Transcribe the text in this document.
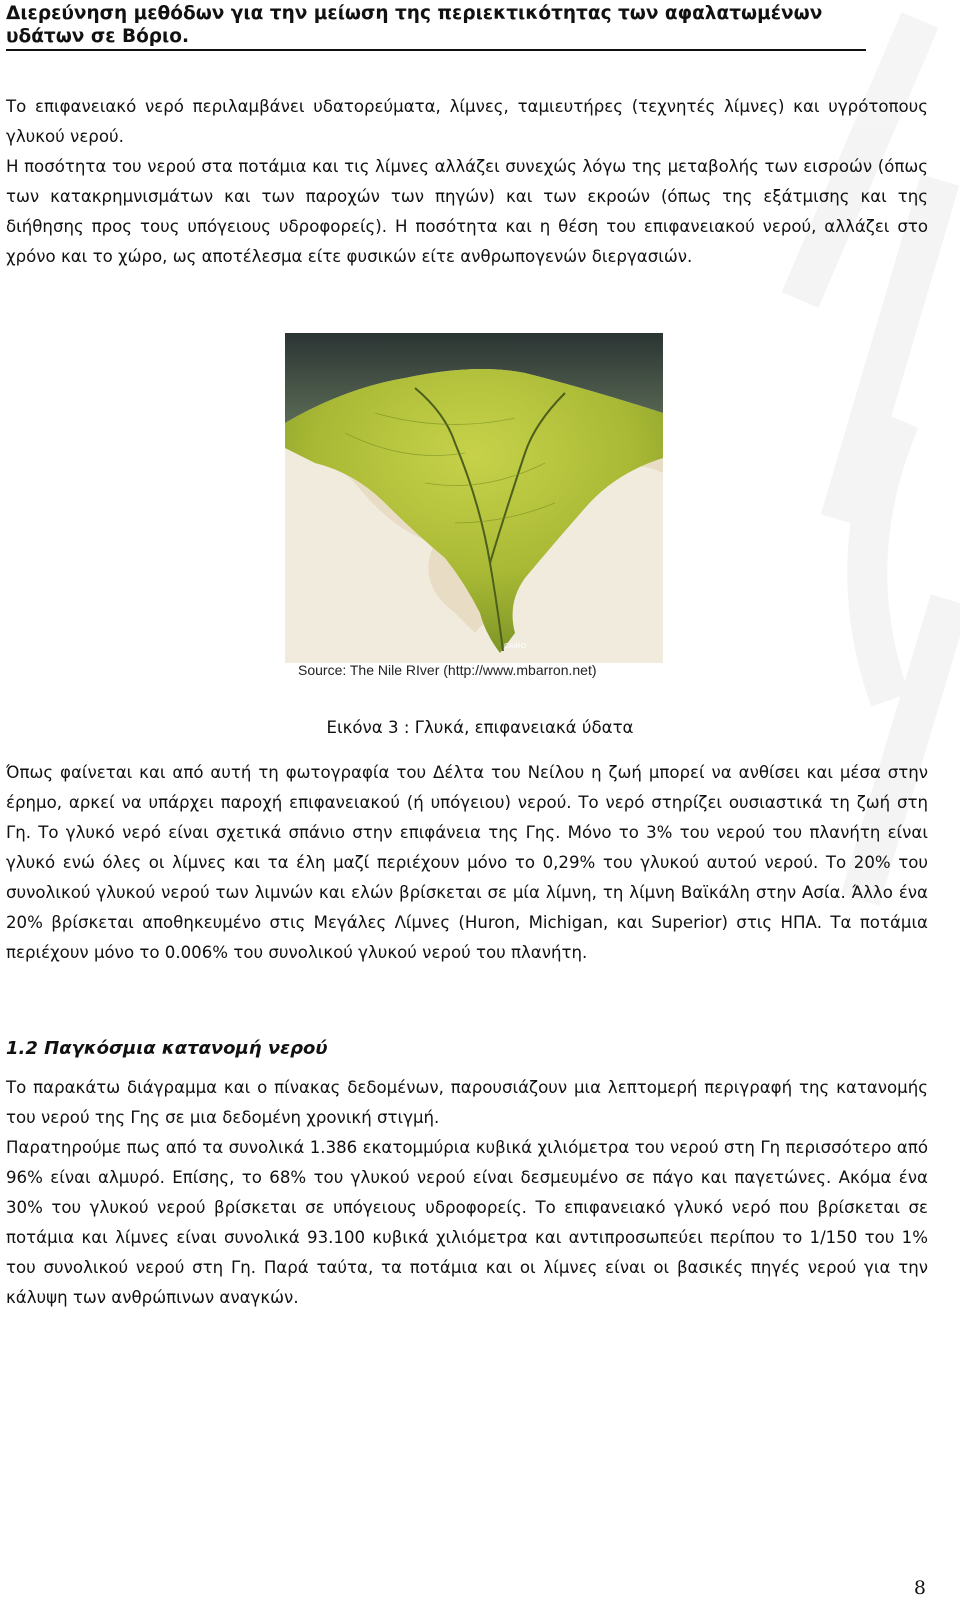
Διερεύνηση μεθόδων για την μείωση της περιεκτικότητας των αφαλατωμένων υδάτων σε Βόριο.

Το επιφανειακό νερό περιλαμβάνει υδατορεύματα, λίμνες, ταμιευτήρες (τεχνητές λίμνες) και υγρότοπους γλυκού νερού.

Η ποσότητα του νερού στα ποτάμια και τις λίμνες αλλάζει συνεχώς λόγω της μεταβολής των εισροών (όπως των κατακρημνισμάτων και των παροχών των πηγών) και των εκροών (όπως της εξάτμισης και της διήθησης προς τους υπόγειους υδροφορείς). Η ποσότητα και η θέση του επιφανειακού νερού, αλλάζει στο χρόνο και το χώρο, ως αποτέλεσμα είτε φυσικών είτε ανθρωπογενών διεργασιών.

CAIRO
Source: The Nile RIver (http://www.mbarron.net)
Εικόνα 3 : Γλυκά, επιφανειακά ύδατα

Όπως φαίνεται και από αυτή τη φωτογραφία του Δέλτα του Νείλου η ζωή μπορεί να ανθίσει και μέσα στην έρημο, αρκεί να υπάρχει παροχή επιφανειακού (ή υπόγειου) νερού. Το νερό στηρίζει ουσιαστικά τη ζωή στη Γη. Το γλυκό νερό είναι σχετικά σπάνιο στην επιφάνεια της Γης. Μόνο το 3% του νερού του πλανήτη είναι γλυκό ενώ όλες οι λίμνες και τα έλη μαζί περιέχουν μόνο το 0,29% του γλυκού αυτού νερού. Το 20% του συνολικού γλυκού νερού των λιμνών και ελών βρίσκεται σε μία λίμνη, τη λίμνη Βαϊκάλη στην Ασία. Άλλο ένα 20% βρίσκεται αποθηκευμένο στις Μεγάλες Λίμνες (Huron, Michigan, και Superior) στις ΗΠΑ. Τα ποτάμια περιέχουν μόνο το 0.006% του συνολικού γλυκού νερού του πλανήτη.

1.2 Παγκόσμια κατανομή νερού

Το παρακάτω διάγραμμα και ο πίνακας δεδομένων, παρουσιάζουν μια λεπτομερή περιγραφή της κατανομής του νερού της Γης σε μια δεδομένη χρονική στιγμή.

Παρατηρούμε πως από τα συνολικά 1.386 εκατομμύρια κυβικά χιλιόμετρα του νερού στη Γη περισσότερο από 96% είναι αλμυρό. Επίσης, το 68% του γλυκού νερού είναι δεσμευμένο σε πάγο και παγετώνες. Ακόμα ένα 30% του γλυκού νερού βρίσκεται σε υπόγειους υδροφορείς. Το επιφανειακό γλυκό νερό που βρίσκεται σε ποτάμια και λίμνες είναι συνολικά 93.100 κυβικά χιλιόμετρα και αντιπροσωπεύει περίπου το 1/150 του 1% του συνολικού νερού στη Γη. Παρά ταύτα, τα ποτάμια και οι λίμνες είναι οι βασικές πηγές νερού για την κάλυψη των ανθρώπινων αναγκών.

8
